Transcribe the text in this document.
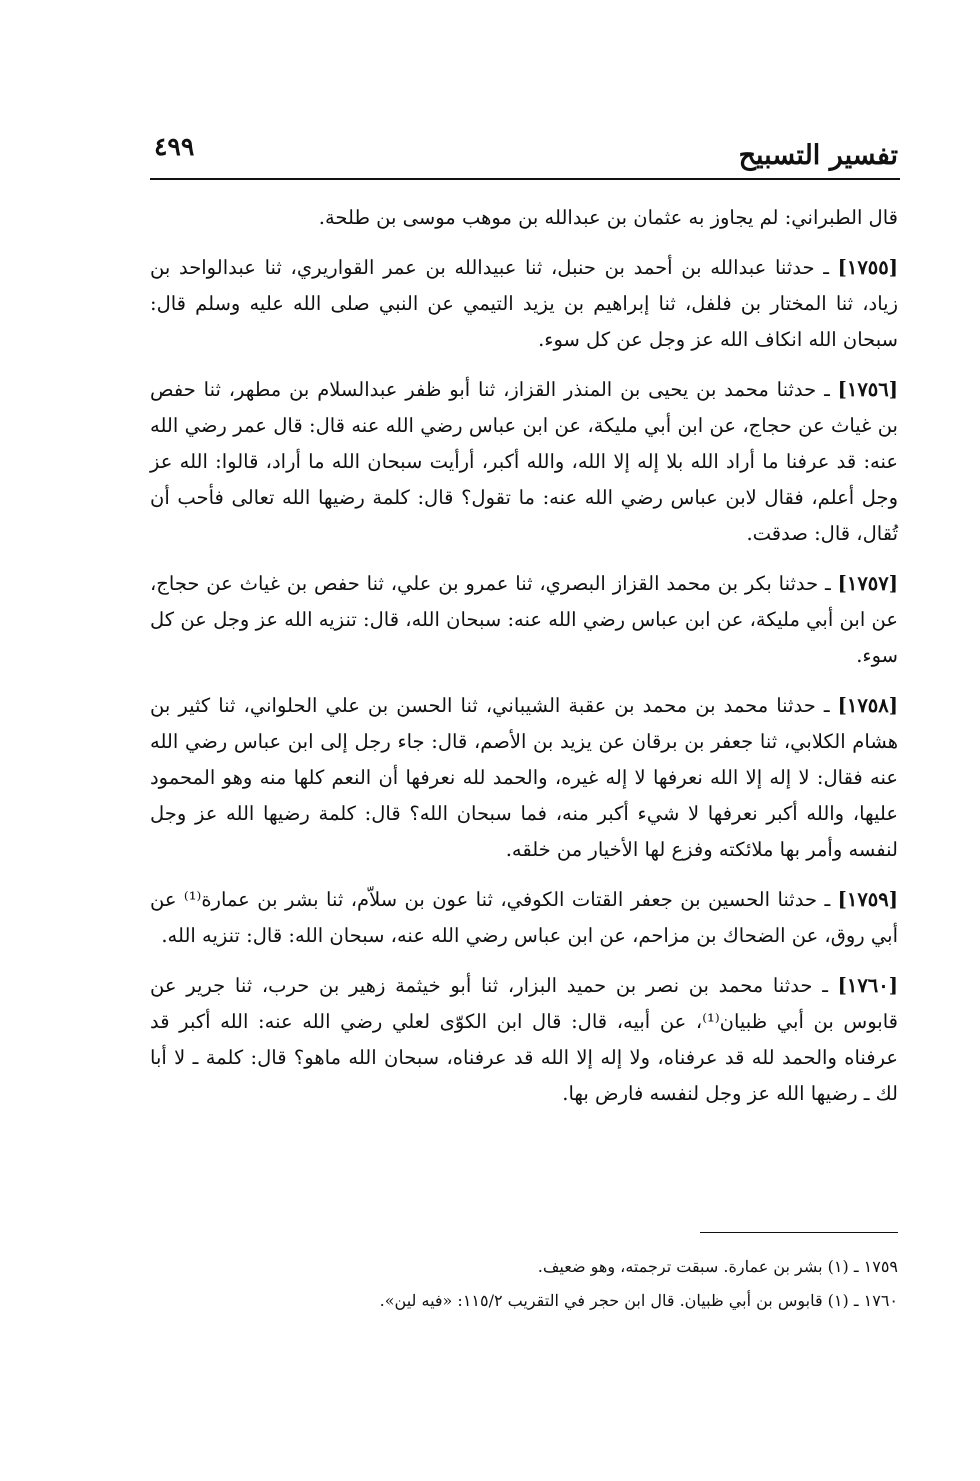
تفسير التسبيح
٤٩٩

قال الطبراني: لم يجاوز به عثمان بن عبدالله بن موهب موسى بن طلحة.

[١٧٥٥] ـ حدثنا عبدالله بن أحمد بن حنبل، ثنا عبيدالله بن عمر القواريري، ثنا عبدالواحد بن زياد، ثنا المختار بن فلفل، ثنا إبراهيم بن يزيد التيمي عن النبي صلى الله عليه وسلم قال: سبحان الله انكاف الله عز وجل عن كل سوء.

[١٧٥٦] ـ حدثنا محمد بن يحيى بن المنذر القزاز، ثنا أبو ظفر عبدالسلام بن مطهر، ثنا حفص بن غياث عن حجاج، عن ابن أبي مليكة، عن ابن عباس رضي الله عنه قال: قال عمر رضي الله عنه: قد عرفنا ما أراد الله بلا إله إلا الله، والله أكبر، أرأيت سبحان الله ما أراد، قالوا: الله عز وجل أعلم، فقال لابن عباس رضي الله عنه: ما تقول؟ قال: كلمة رضيها الله تعالى فأحب أن تُقال، قال: صدقت.

[١٧٥٧] ـ حدثنا بكر بن محمد القزاز البصري، ثنا عمرو بن علي، ثنا حفص بن غياث عن حجاج، عن ابن أبي مليكة، عن ابن عباس رضي الله عنه: سبحان الله، قال: تنزيه الله عز وجل عن كل سوء.

[١٧٥٨] ـ حدثنا محمد بن محمد بن عقبة الشيباني، ثنا الحسن بن علي الحلواني، ثنا كثير بن هشام الكلابي، ثنا جعفر بن برقان عن يزيد بن الأصم، قال: جاء رجل إلى ابن عباس رضي الله عنه فقال: لا إله إلا الله نعرفها لا إله غيره، والحمد لله نعرفها أن النعم كلها منه وهو المحمود عليها، والله أكبر نعرفها لا شيء أكبر منه، فما سبحان الله؟ قال: كلمة رضيها الله عز وجل لنفسه وأمر بها ملائكته وفزع لها الأخيار من خلقه.

[١٧٥٩] ـ حدثنا الحسين بن جعفر القتات الكوفي، ثنا عون بن سلاّم، ثنا بشر بن عمارة⁽¹⁾ عن أبي روق، عن الضحاك بن مزاحم، عن ابن عباس رضي الله عنه، سبحان الله: قال: تنزيه الله.

[١٧٦٠] ـ حدثنا محمد بن نصر بن حميد البزار، ثنا أبو خيثمة زهير بن حرب، ثنا جرير عن قابوس بن أبي ظبيان⁽¹⁾، عن أبيه، قال: قال ابن الكوّى لعلي رضي الله عنه: الله أكبر قد عرفناه والحمد لله قد عرفناه، ولا إله إلا الله قد عرفناه، سبحان الله ماهو؟ قال: كلمة ـ لا أبا لك ـ رضيها الله عز وجل لنفسه فارض بها.

١٧٥٩ ـ (١) بشر بن عمارة. سبقت ترجمته، وهو ضعيف.

١٧٦٠ ـ (١) قابوس بن أبي ظبيان. قال ابن حجر في التقريب ١١٥/٢: «فيه لين».
